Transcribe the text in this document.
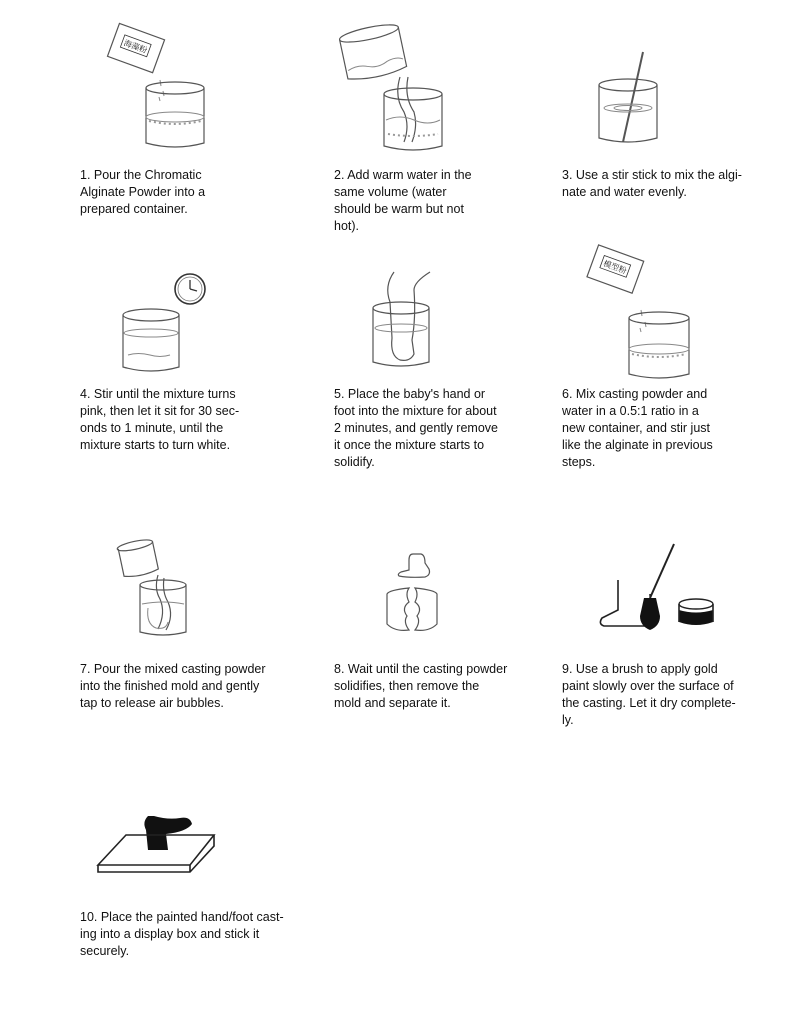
海藻粉
1. Pour the Chromatic
Alginate Powder into a
prepared container.
2. Add warm water in the
same volume (water
should be warm but not
hot).
3. Use a stir stick to mix the algi-
nate and water evenly.
4. Stir until the mixture turns
pink, then let it sit for 30 sec-
onds to 1 minute, until the
mixture starts to turn white.
5. Place the baby's hand or
foot into the mixture for about
2 minutes, and gently remove
it once the mixture starts to
solidify.
模型粉
6. Mix casting powder and
water in a 0.5:1 ratio in a
new container, and stir just
like the alginate in previous
steps.
7. Pour the mixed casting powder
into the finished mold and gently
tap to release air bubbles.
8. Wait until the casting powder
solidifies, then remove the
mold and separate it.
9. Use a brush to apply gold
paint slowly over the surface of
the casting. Let it dry complete-
ly.
10. Place the painted hand/foot cast-
ing into a display box and stick it
securely.
